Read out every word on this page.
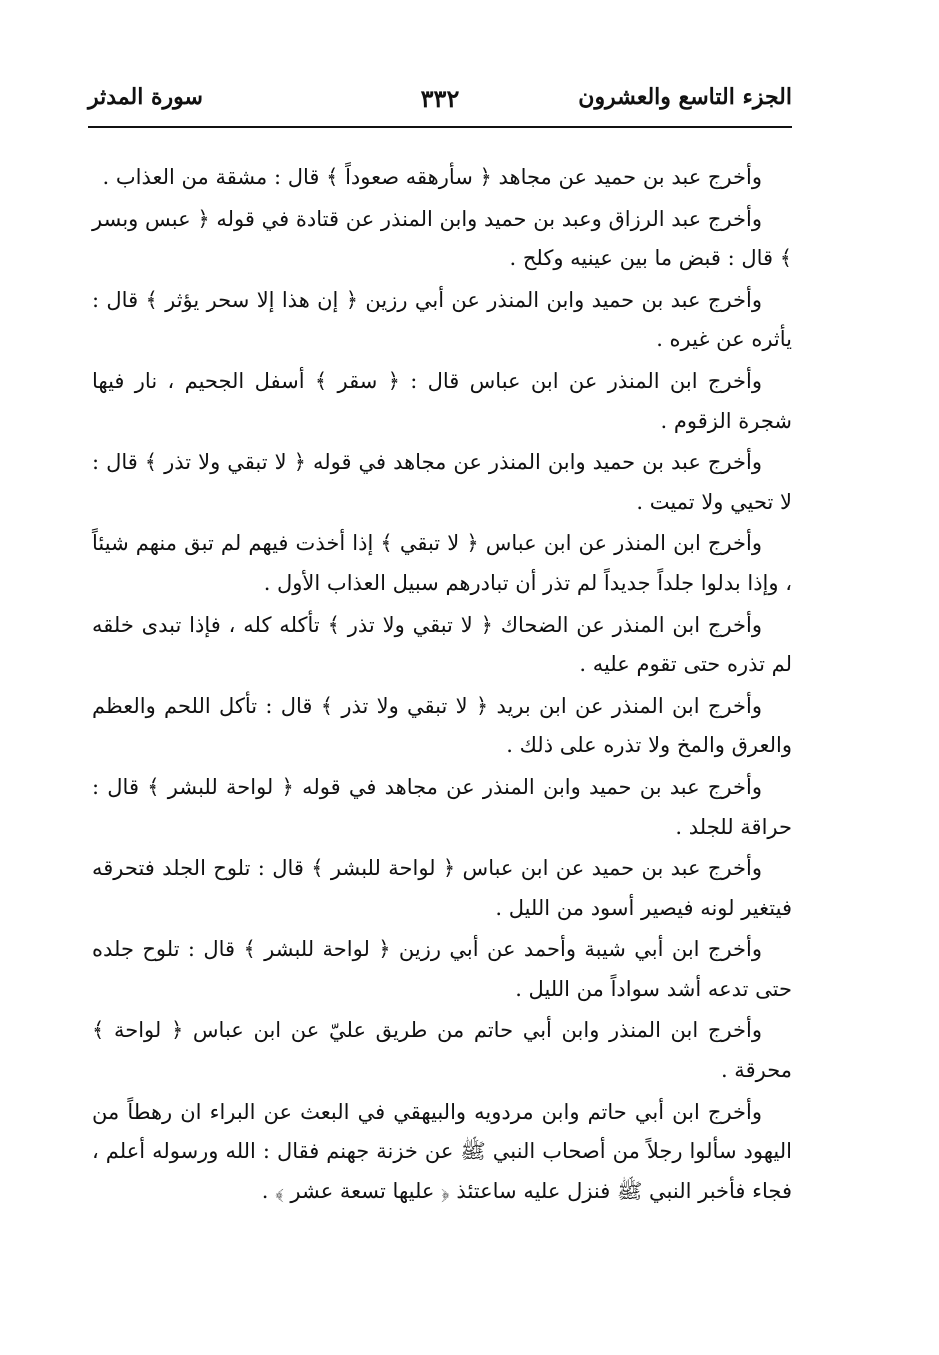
الجزء التاسع والعشرون
٣٣٢
سورة المدثر

وأخرج عبد بن حميد عن مجاهد ﴿ سأرهقه صعوداً ﴾ قال : مشقة من العذاب .

وأخرج عبد الرزاق وعبد بن حميد وابن المنذر عن قتادة في قوله ﴿ عبس وبسر ﴾ قال : قبض ما بين عينيه وكلح .

وأخرج عبد بن حميد وابن المنذر عن أبي رزين ﴿ إن هذا إلا سحر يؤثر ﴾ قال : يأثره عن غيره .

وأخرج ابن المنذر عن ابن عباس قال : ﴿ سقر ﴾ أسفل الجحيم ، نار فيها شجرة الزقوم .

وأخرج عبد بن حميد وابن المنذر عن مجاهد في قوله ﴿ لا تبقي ولا تذر ﴾ قال : لا تحيي ولا تميت .

وأخرج ابن المنذر عن ابن عباس ﴿ لا تبقي ﴾ إذا أخذت فيهم لم تبق منهم شيئاً ، وإذا بدلوا جلداً جديداً لم تذر أن تبادرهم سبيل العذاب الأول .

وأخرج ابن المنذر عن الضحاك ﴿ لا تبقي ولا تذر ﴾ تأكله كله ، فإذا تبدى خلقه لم تذره حتى تقوم عليه .

وأخرج ابن المنذر عن ابن بريد ﴿ لا تبقي ولا تذر ﴾ قال : تأكل اللحم والعظم والعرق والمخ ولا تذره على ذلك .

وأخرج عبد بن حميد وابن المنذر عن مجاهد في قوله ﴿ لواحة للبشر ﴾ قال : حراقة للجلد .

وأخرج عبد بن حميد عن ابن عباس ﴿ لواحة للبشر ﴾ قال : تلوح الجلد فتحرقه فيتغير لونه فيصير أسود من الليل .

وأخرج ابن أبي شيبة وأحمد عن أبي رزين ﴿ لواحة للبشر ﴾ قال : تلوح جلده حتى تدعه أشد سواداً من الليل .

وأخرج ابن المنذر وابن أبي حاتم من طريق عليّ عن ابن عباس ﴿ لواحة ﴾ محرقة .

وأخرج ابن أبي حاتم وابن مردويه والبيهقي في البعث عن البراء ان رهطاً من اليهود سألوا رجلاً من أصحاب النبي ﷺ عن خزنة جهنم فقال : الله ورسوله أعلم ، فجاء فأخبر النبي ﷺ فنزل عليه ساعتئذ ﴿ عليها تسعة عشر ﴾ .
